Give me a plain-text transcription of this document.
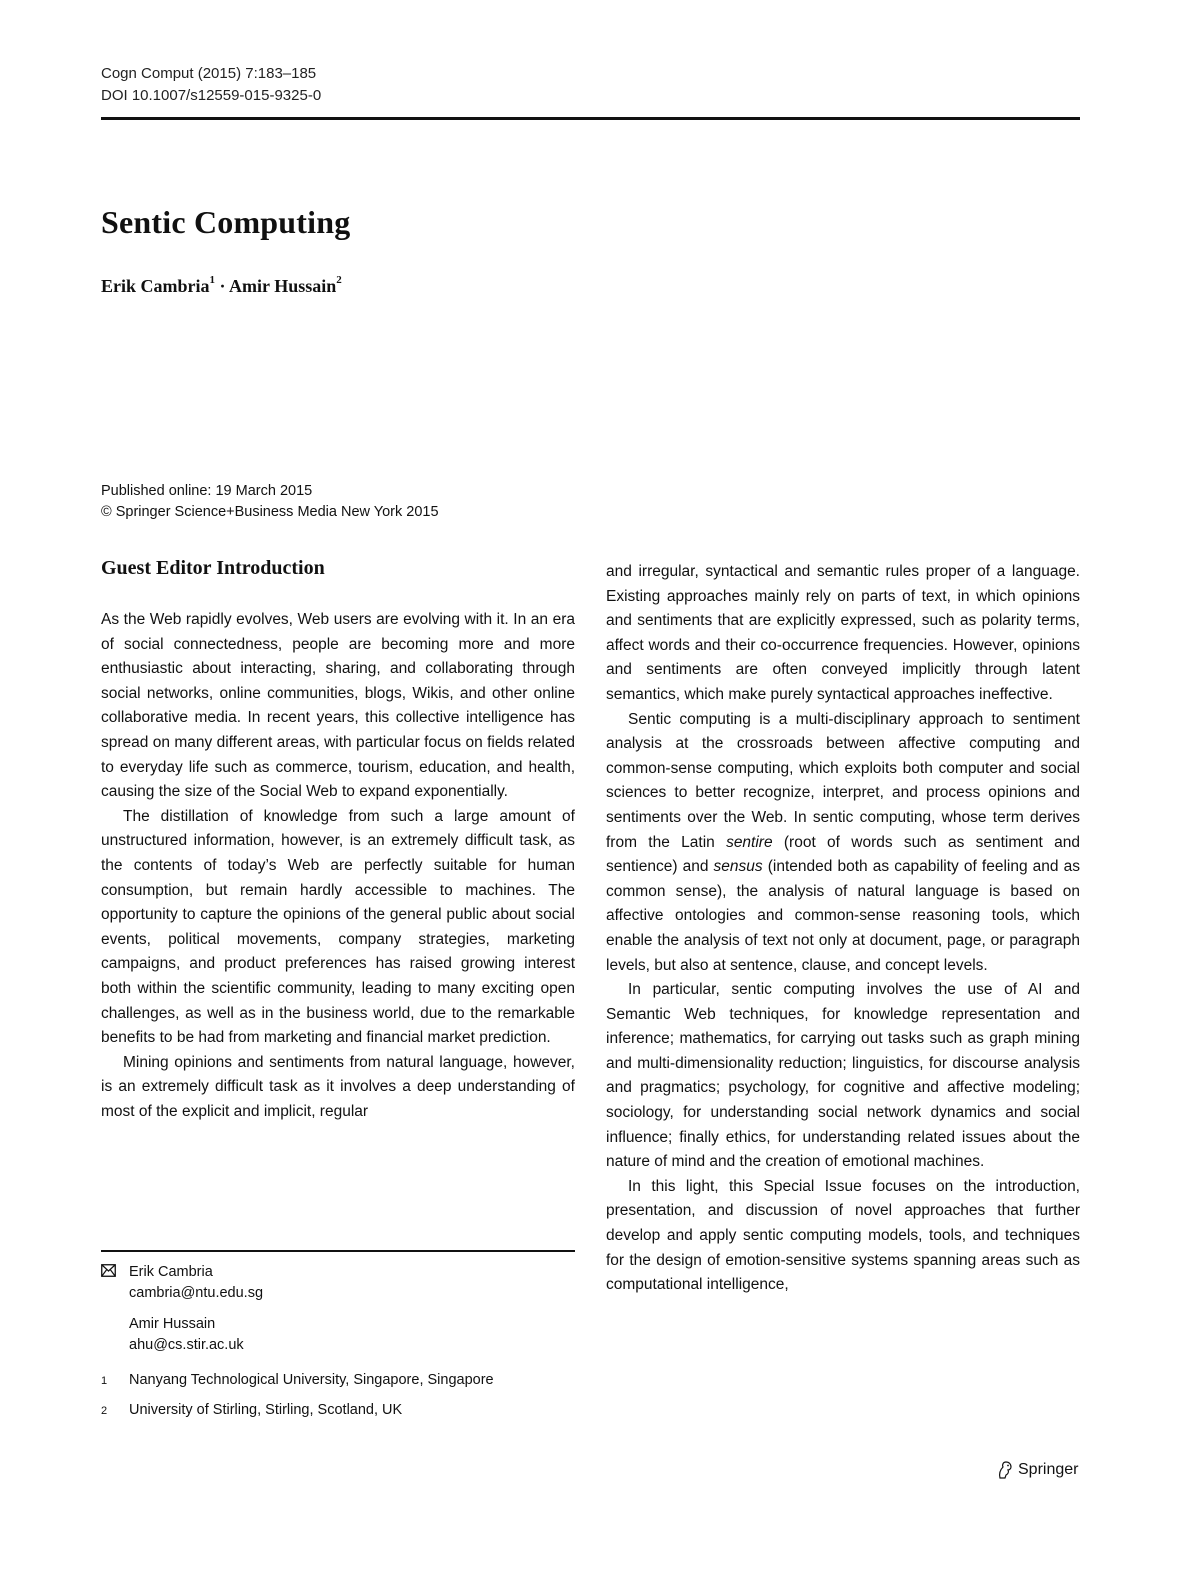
Cogn Comput (2015) 7:183–185
DOI 10.1007/s12559-015-9325-0
Sentic Computing
Erik Cambria$^1$ · Amir Hussain$^2$
Published online: 19 March 2015
© Springer Science+Business Media New York 2015
Guest Editor Introduction

As the Web rapidly evolves, Web users are evolving with it. In an era of social connectedness, people are becoming more and more enthusiastic about interacting, sharing, and collaborating through social networks, online communities, blogs, Wikis, and other online collaborative media. In recent years, this collective intelligence has spread on many different areas, with particular focus on fields related to everyday life such as commerce, tourism, education, and health, causing the size of the Social Web to expand exponentially.

The distillation of knowledge from such a large amount of unstructured information, however, is an extremely difficult task, as the contents of today’s Web are perfectly suitable for human consumption, but remain hardly accessible to machines. The opportunity to capture the opinions of the general public about social events, political movements, company strategies, marketing campaigns, and product preferences has raised growing interest both within the scientific community, leading to many exciting open challenges, as well as in the business world, due to the remarkable benefits to be had from marketing and financial market prediction.

Mining opinions and sentiments from natural language, however, is an extremely difficult task as it involves a deep understanding of most of the explicit and implicit, regular

and irregular, syntactical and semantic rules proper of a language. Existing approaches mainly rely on parts of text, in which opinions and sentiments that are explicitly expressed, such as polarity terms, affect words and their co-occurrence frequencies. However, opinions and sentiments are often conveyed implicitly through latent semantics, which make purely syntactical approaches ineffective.

Sentic computing is a multi-disciplinary approach to sentiment analysis at the crossroads between affective computing and common-sense computing, which exploits both computer and social sciences to better recognize, interpret, and process opinions and sentiments over the Web. In sentic computing, whose term derives from the Latin sentire (root of words such as sentiment and sentience) and sensus (intended both as capability of feeling and as common sense), the analysis of natural language is based on affective ontologies and common-sense reasoning tools, which enable the analysis of text not only at document, page, or paragraph levels, but also at sentence, clause, and concept levels.

In particular, sentic computing involves the use of AI and Semantic Web techniques, for knowledge representation and inference; mathematics, for carrying out tasks such as graph mining and multi-dimensionality reduction; linguistics, for discourse analysis and pragmatics; psychology, for cognitive and affective modeling; sociology, for understanding social network dynamics and social influence; finally ethics, for understanding related issues about the nature of mind and the creation of emotional machines.

In this light, this Special Issue focuses on the introduction, presentation, and discussion of novel approaches that further develop and apply sentic computing models, tools, and techniques for the design of emotion-sensitive systems spanning areas such as computational intelligence,

Erik Cambria
cambria@ntu.edu.sg
Amir Hussain
ahu@cs.stir.ac.uk
1 Nanyang Technological University, Singapore, Singapore
2 University of Stirling, Stirling, Scotland, UK
Springer
